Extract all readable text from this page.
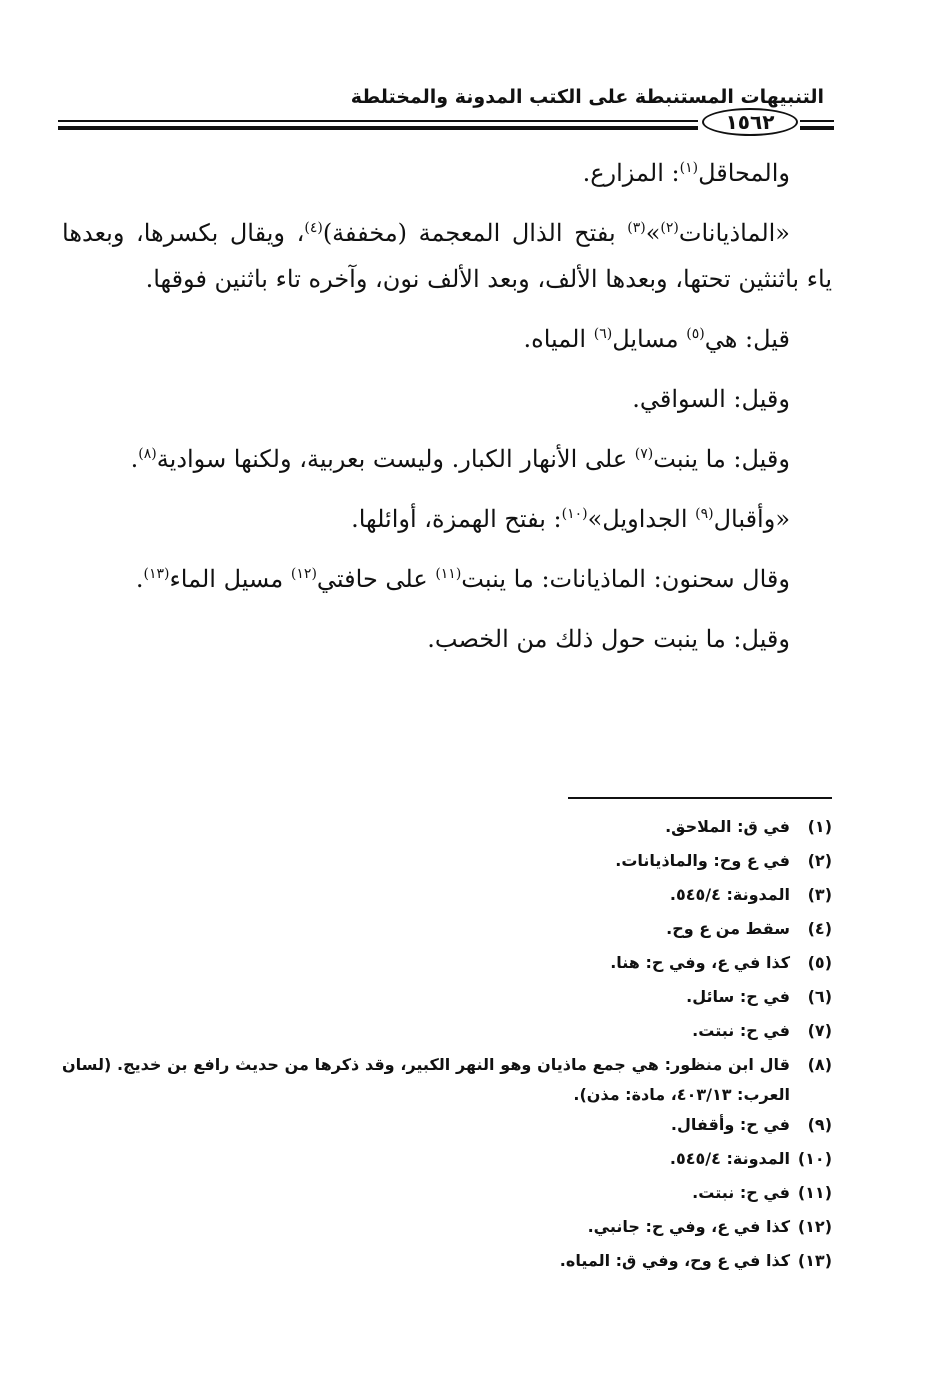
التنبيهات المستنبطة على الكتب المدونة والمختلطة
١٥٦٢

والمحاقل$^{(١)}$: المزارع.

«الماذيانات$^{(٢)}$»$^{(٣)}$ بفتح الذال المعجمة (مخففة)$^{(٤)}$، ويقال بكسرها، وبعدها ياء باثنثين تحتها، وبعدها الألف، وبعد الألف نون، وآخره تاء باثنين فوقها.

قيل: هي$^{(٥)}$ مسايل$^{(٦)}$ المياه.

وقيل: السواقي.

وقيل: ما ينبت$^{(٧)}$ على الأنهار الكبار. وليست بعربية، ولكنها سوادية$^{(٨)}$.

«وأقبال$^{(٩)}$ الجداويل»$^{(١٠)}$: بفتح الهمزة، أوائلها.

وقال سحنون: الماذيانات: ما ينبت$^{(١١)}$ على حافتي$^{(١٢)}$ مسيل الماء$^{(١٣)}$.

وقيل: ما ينبت حول ذلك من الخصب.

(١)
في ق: الملاحق.
(٢)
في ع وح: والماذيانات.
(٣)
المدونة: ٥٤٥/٤.
(٤)
سقط من ع وح.
(٥)
كذا في ع، وفي ح: هنا.
(٦)
في ح: سائل.
(٧)
في ح: نبتت.
(٨)
قال ابن منظور: هي جمع ماذيان وهو النهر الكبير، وقد ذكرها من حديث رافع بن خديج. (لسان العرب: ٤٠٣/١٣، مادة: مذن).
(٩)
في ح: وأقفال.
(١٠)
المدونة: ٥٤٥/٤.
(١١)
في ح: نبتت.
(١٢)
كذا في ع، وفي ح: جانبي.
(١٣)
كذا في ع وح، وفي ق: المياه.
